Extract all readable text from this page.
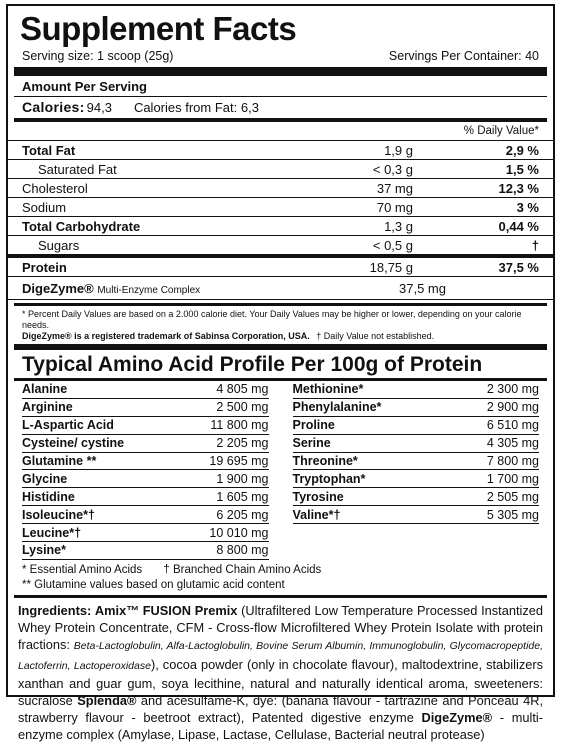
Supplement Facts
Serving size: 1 scoop (25g)	Servings Per Container: 40
Amount Per Serving
Calories: 94,3 Calories from Fat: 6,3
% Daily Value*
Total Fat	1,9 g	2,9 %
Saturated Fat	< 0,3 g	1,5 %
Cholesterol	37 mg	12,3 %
Sodium	70 mg	3 %
Total Carbohydrate	1,3 g	0,44 %
Sugars	< 0,5 g	†
Protein	18,75 g	37,5 %
DigeZyme® Multi-Enzyme Complex	37,5 mg
* Percent Daily Values are based on a 2.000 calorie diet. Your Daily Values may be higher or lower, depending on your calorie needs.
DigeZyme® is a registered trademark of Sabinsa Corporation, USA. † Daily Value not established.
Typical Amino Acid Profile Per 100g of Protein
Alanine	4 805 mg
Arginine	2 500 mg
L-Aspartic Acid	11 800 mg
Cysteine/ cystine	2 205 mg
Glutamine **	19 695 mg
Glycine	1 900 mg
Histidine	1 605 mg
Isoleucine*†	6 205 mg
Leucine*†	10 010 mg
Lysine*	8 800 mg
Methionine*	2 300 mg
Phenylalanine*	2 900 mg
Proline	6 510 mg
Serine	4 305 mg
Threonine*	7 800 mg
Tryptophan*	1 700 mg
Tyrosine	2 505 mg
Valine*†	5 305 mg
* Essential Amino Acids † Branched Chain Amino Acids
** Glutamine values based on glutamic acid content
Ingredients: Amix™ FUSION Premix (Ultrafiltered Low Temperature Processed Instantized Whey Protein Concentrate, CFM - Cross-flow Microfiltered Whey Protein Isolate with protein fractions: Beta-Lactoglobulin, Alfa-Lactoglobulin, Bovine Serum Albumin, Immunoglobulin, Glycomacropeptide, Lactoferrin, Lactoperoxidase), cocoa powder (only in chocolate flavour), maltodextrine, stabilizers xanthan and guar gum, soya lecithine, natural and naturally identical aroma, sweeteners: sucralose Splenda® and acesulfame-K, dye: (banana flavour - tartrazine and Ponceau 4R, strawberry flavour - beetroot extract), Patented digestive enzyme DigeZyme® - multi-enzyme complex (Amylase, Lipase, Lactase, Cellulase, Bacterial neutral protease)
